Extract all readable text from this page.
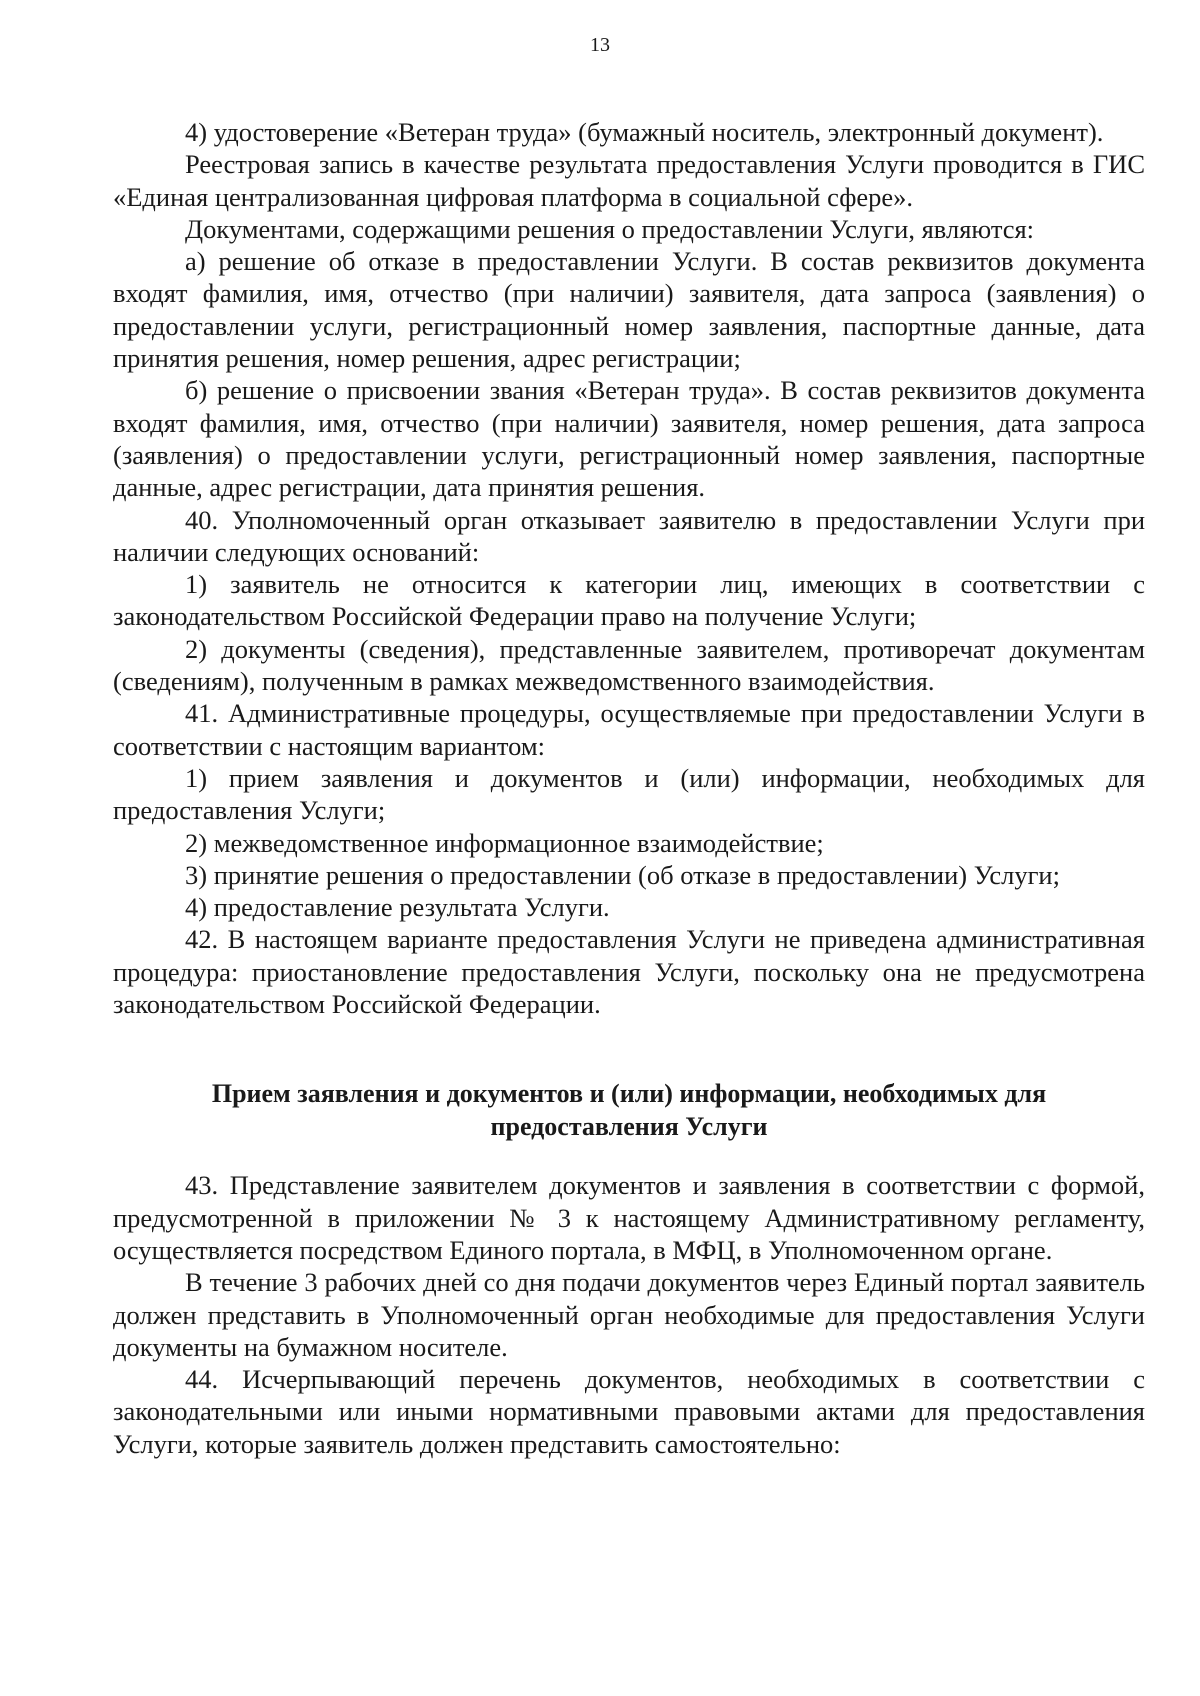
13

4) удостоверение «Ветеран труда» (бумажный носитель, электронный документ).

Реестровая запись в качестве результата предоставления Услуги проводится в ГИС «Единая централизованная цифровая платформа в социальной сфере».

Документами, содержащими решения о предоставлении Услуги, являются:

а) решение об отказе в предоставлении Услуги. В состав реквизитов документа входят фамилия, имя, отчество (при наличии) заявителя, дата запроса (заявления) о предоставлении услуги, регистрационный номер заявления, паспортные данные, дата принятия решения, номер решения, адрес регистрации;

б) решение о присвоении звания «Ветеран труда». В состав реквизитов документа входят фамилия, имя, отчество (при наличии) заявителя, номер решения, дата запроса (заявления) о предоставлении услуги, регистрационный номер заявления, паспортные данные, адрес регистрации, дата принятия решения.

40. Уполномоченный орган отказывает заявителю в предоставлении Услуги при наличии следующих оснований:

1) заявитель не относится к категории лиц, имеющих в соответствии с законодательством Российской Федерации право на получение Услуги;

2) документы (сведения), представленные заявителем, противоречат документам (сведениям), полученным в рамках межведомственного взаимодействия.

41. Административные процедуры, осуществляемые при предоставлении Услуги в соответствии с настоящим вариантом:

1) прием заявления и документов и (или) информации, необходимых для предоставления Услуги;

2) межведомственное информационное взаимодействие;

3) принятие решения о предоставлении (об отказе в предоставлении) Услуги;

4) предоставление результата Услуги.

42. В настоящем варианте предоставления Услуги не приведена административная процедура: приостановление предоставления Услуги, поскольку она не предусмотрена законодательством Российской Федерации.

Прием заявления и документов и (или) информации, необходимых для
предоставления Услуги

43. Представление заявителем документов и заявления в соответствии с формой, предусмотренной в приложении № 3 к настоящему Административному регламенту, осуществляется посредством Единого портала, в МФЦ, в Уполномоченном органе.

В течение 3 рабочих дней со дня подачи документов через Единый портал заявитель должен представить в Уполномоченный орган необходимые для предоставления Услуги документы на бумажном носителе.

44. Исчерпывающий перечень документов, необходимых в соответствии с законодательными или иными нормативными правовыми актами для предоставления Услуги, которые заявитель должен представить самостоятельно:
